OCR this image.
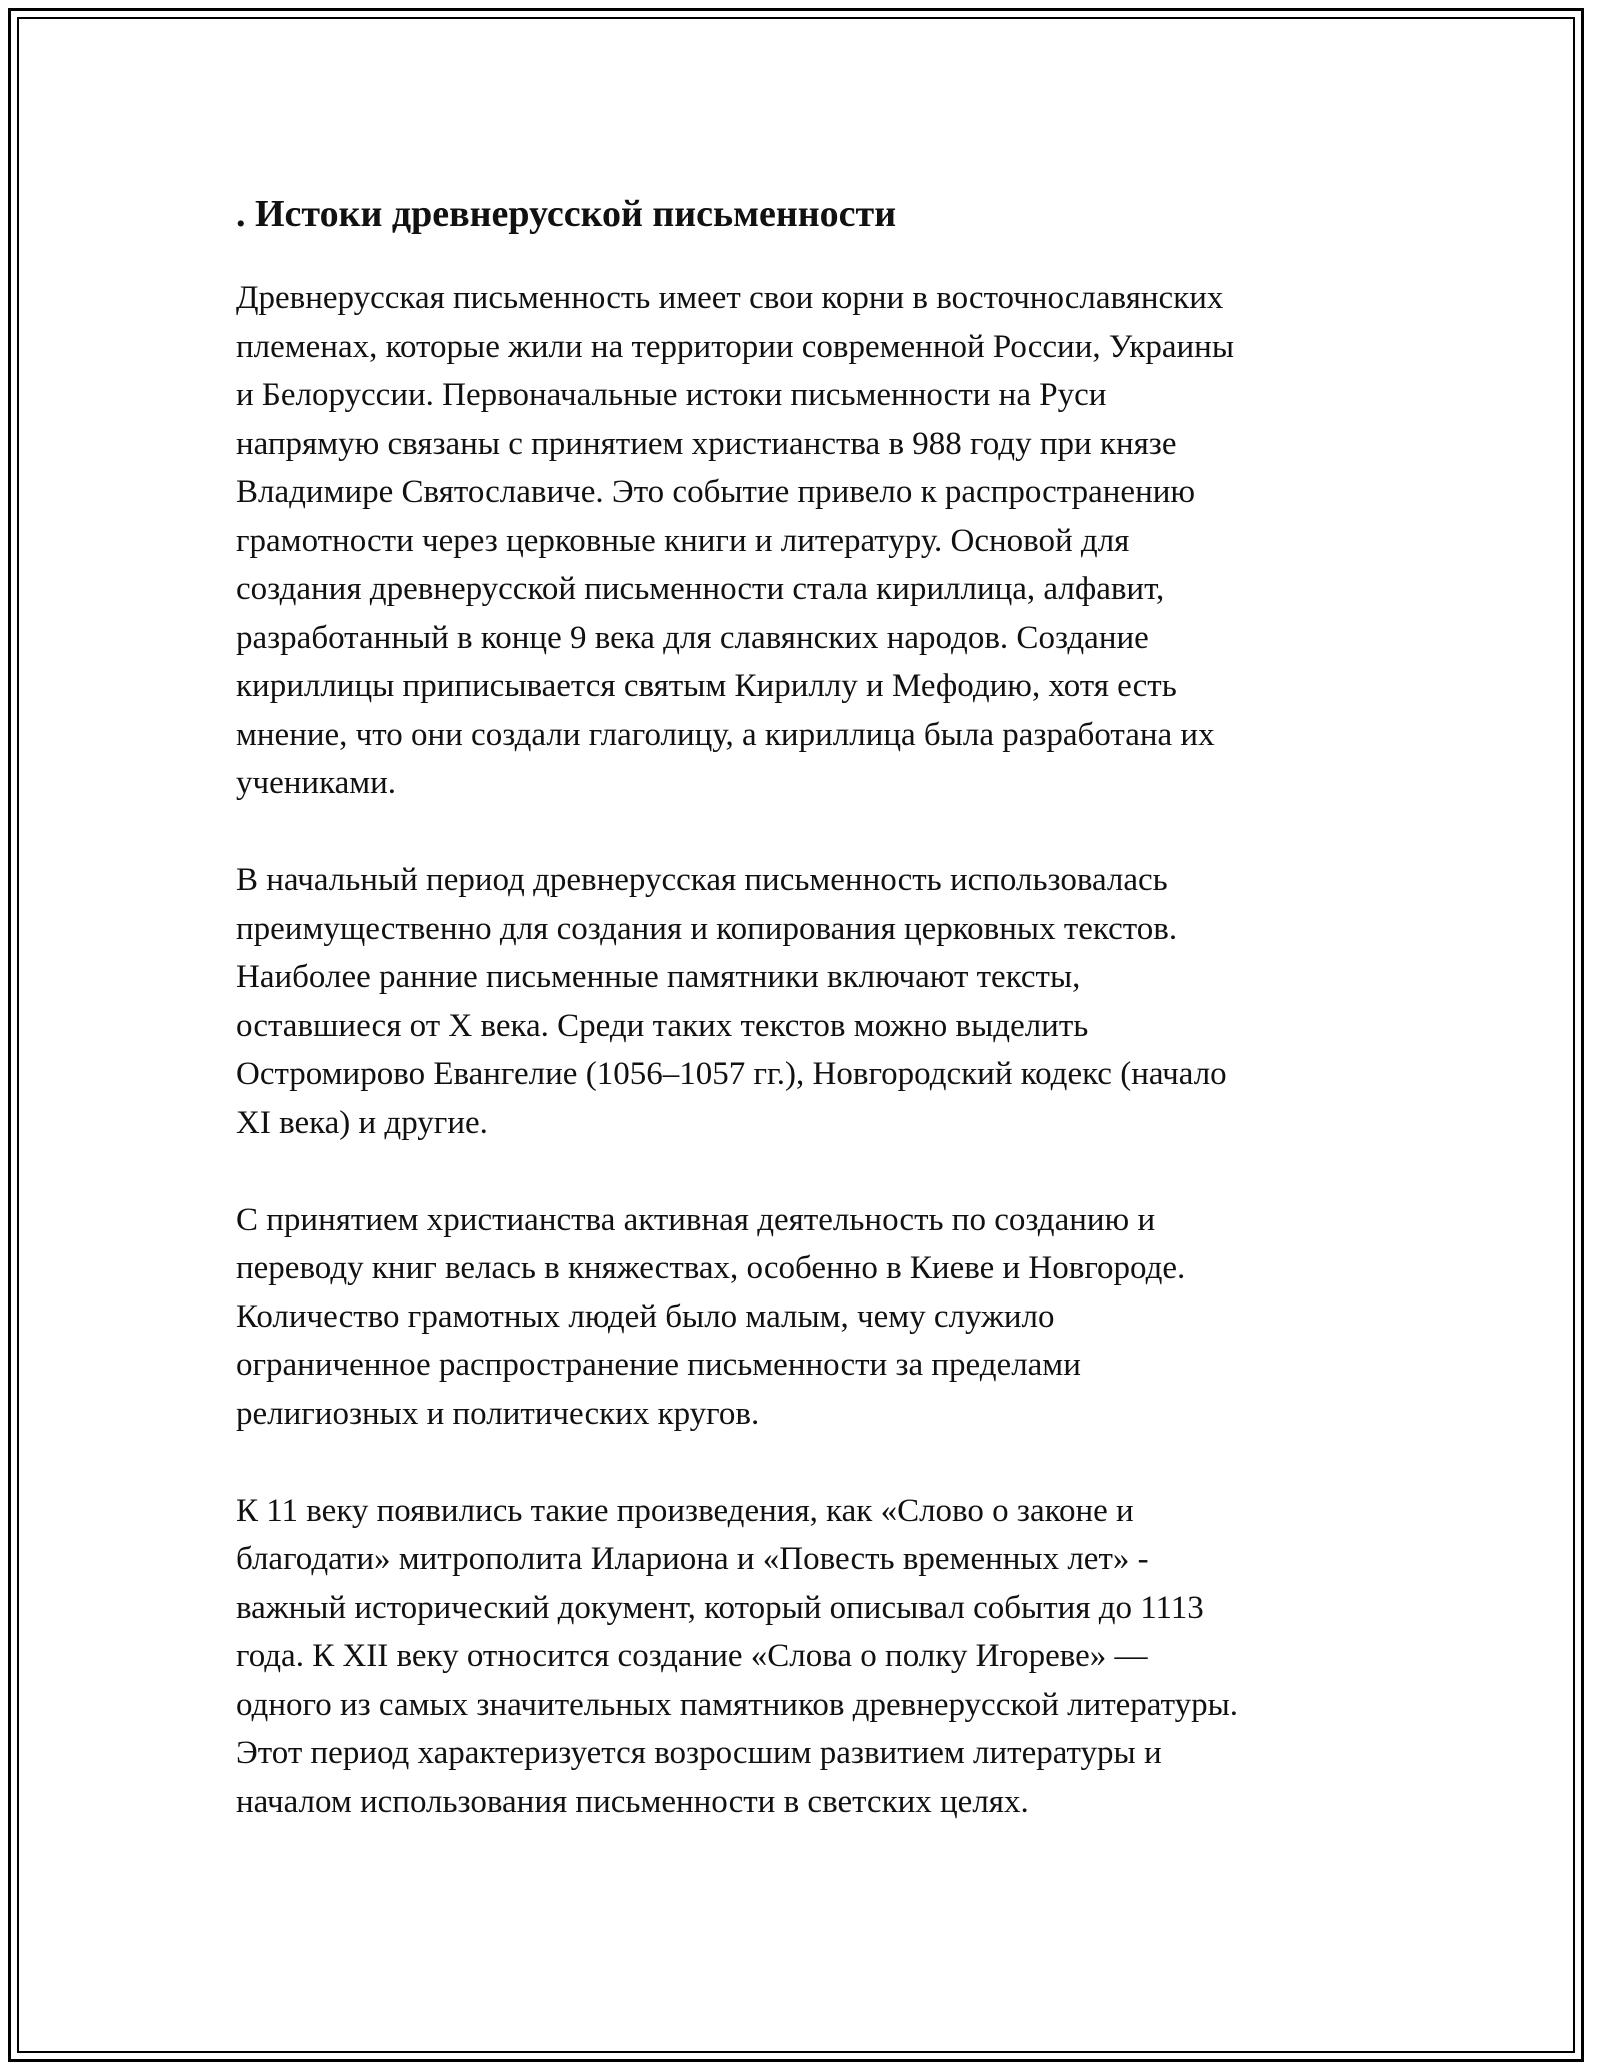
. Истоки древнерусской письменности

Древнерусская письменность имеет свои корни в восточнославянских
племенах, которые жили на территории современной России, Украины
и Белоруссии. Первоначальные истоки письменности на Руси
напрямую связаны с принятием христианства в 988 году при князе
Владимире Святославиче. Это событие привело к распространению
грамотности через церковные книги и литературу. Основой для
создания древнерусской письменности стала кириллица, алфавит,
разработанный в конце 9 века для славянских народов. Создание
кириллицы приписывается святым Кириллу и Мефодию, хотя есть
мнение, что они создали глаголицу, а кириллица была разработана их
учениками.

В начальный период древнерусская письменность использовалась
преимущественно для создания и копирования церковных текстов.
Наиболее ранние письменные памятники включают тексты,
оставшиеся от X века. Среди таких текстов можно выделить
Остромирово Евангелие (1056–1057 гг.), Новгородский кодекс (начало
XI века) и другие.

С принятием христианства активная деятельность по созданию и
переводу книг велась в княжествах, особенно в Киеве и Новгороде.
Количество грамотных людей было малым, чему служило
ограниченное распространение письменности за пределами
религиозных и политических кругов.

К 11 веку появились такие произведения, как «Слово о законе и
благодати» митрополита Илариона и «Повесть временных лет» -
важный исторический документ, который описывал события до 1113
года. К XII веку относится создание «Слова о полку Игореве» —
одного из самых значительных памятников древнерусской литературы.
Этот период характеризуется возросшим развитием литературы и
началом использования письменности в светских целях.
